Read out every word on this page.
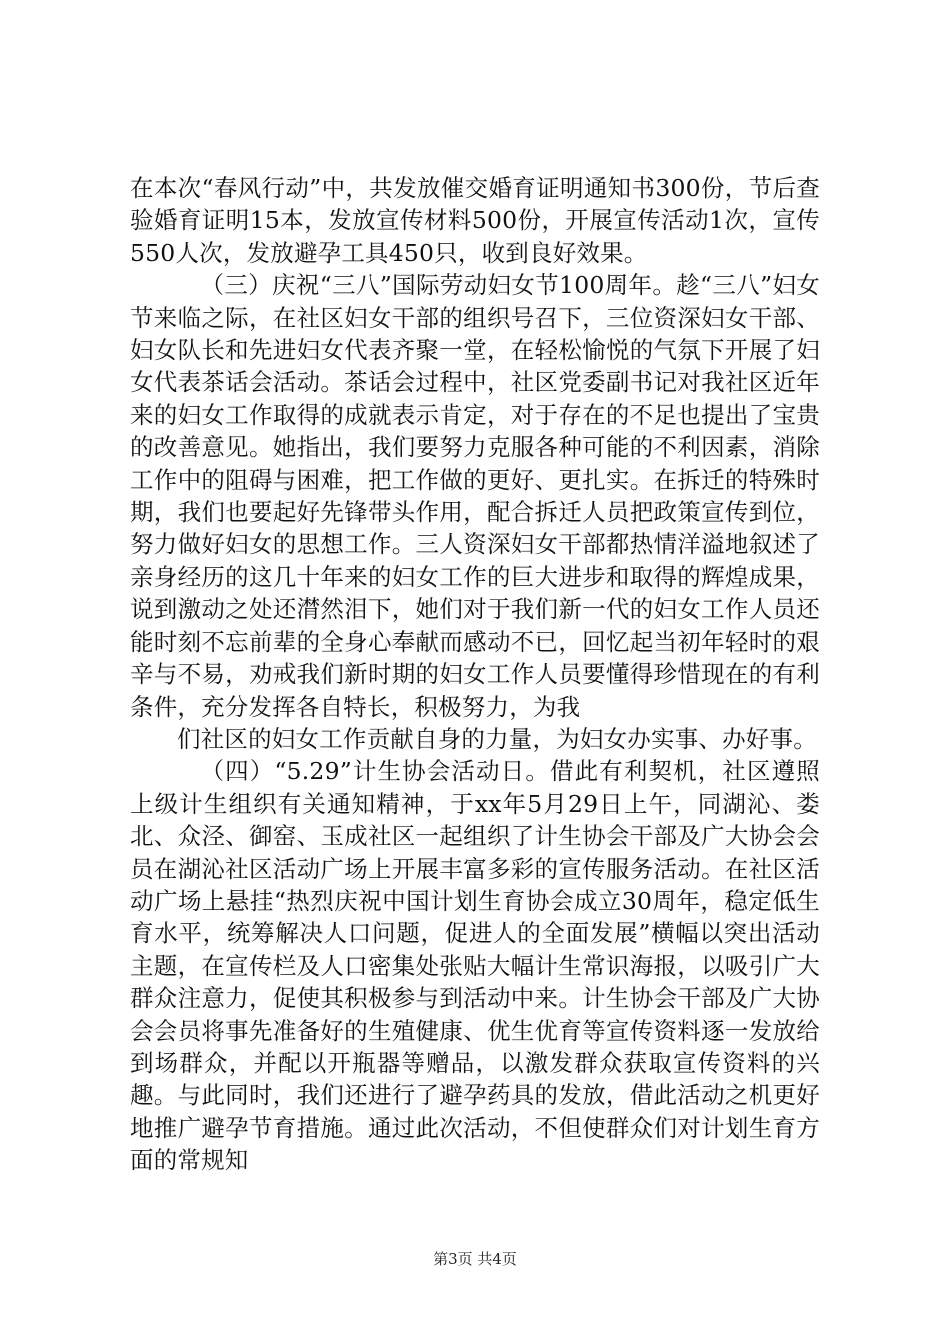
在本次“春风行动”中，共发放催交婚育证明通知书300份，节后查验婚育证明15本，发放宣传材料500份，开展宣传活动1次，宣传550人次，发放避孕工具450只，收到良好效果。

（三）庆祝“三八”国际劳动妇女节100周年。趁“三八”妇女节来临之际，在社区妇女干部的组织号召下，三位资深妇女干部、妇女队长和先进妇女代表齐聚一堂，在轻松愉悦的气氛下开展了妇女代表茶话会活动。茶话会过程中，社区党委副书记对我社区近年来的妇女工作取得的成就表示肯定，对于存在的不足也提出了宝贵的改善意见。她指出，我们要努力克服各种可能的不利因素，消除工作中的阻碍与困难，把工作做的更好、更扎实。在拆迁的特殊时期，我们也要起好先锋带头作用，配合拆迁人员把政策宣传到位，努力做好妇女的思想工作。三人资深妇女干部都热情洋溢地叙述了亲身经历的这几十年来的妇女工作的巨大进步和取得的辉煌成果，说到激动之处还潸然泪下，她们对于我们新一代的妇女工作人员还能时刻不忘前辈的全身心奉献而感动不已，回忆起当初年轻时的艰辛与不易，劝戒我们新时期的妇女工作人员要懂得珍惜现在的有利条件，充分发挥各自特长，积极努力，为我

们社区的妇女工作贡献自身的力量，为妇女办实事、办好事。

（四）“5.29”计生协会活动日。借此有利契机，社区遵照上级计生组织有关通知精神，于xx年5月29日上午，同湖沁、娄北、众泾、御窑、玉成社区一起组织了计生协会干部及广大协会会员在湖沁社区活动广场上开展丰富多彩的宣传服务活动。在社区活动广场上悬挂“热烈庆祝中国计划生育协会成立30周年，稳定低生育水平，统筹解决人口问题，促进人的全面发展”横幅以突出活动主题，在宣传栏及人口密集处张贴大幅计生常识海报，以吸引广大群众注意力，促使其积极参与到活动中来。计生协会干部及广大协会会员将事先准备好的生殖健康、优生优育等宣传资料逐一发放给到场群众，并配以开瓶器等赠品，以激发群众获取宣传资料的兴趣。与此同时，我们还进行了避孕药具的发放，借此活动之机更好地推广避孕节育措施。通过此次活动，不但使群众们对计划生育方面的常规知

第3页 共4页
